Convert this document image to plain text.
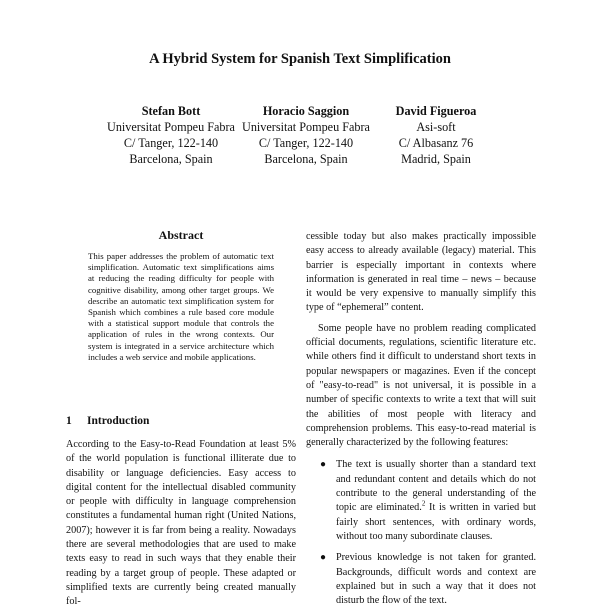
A Hybrid System for Spanish Text Simplification
Stefan Bott
Universitat Pompeu Fabra
C/ Tanger, 122-140
Barcelona, Spain
Horacio Saggion
Universitat Pompeu Fabra
C/ Tanger, 122-140
Barcelona, Spain
David Figueroa
Asi-soft
C/ Albasanz 76
Madrid, Spain
Abstract

This paper addresses the problem of automatic text simplification. Automatic text simplifications aims at reducing the reading difficulty for people with cognitive disability, among other target groups. We describe an automatic text simplification system for Spanish which combines a rule based core module with a statistical support module that controls the application of rules in the wrong contexts. Our system is integrated in a service architecture which includes a web service and mobile applications.

1 Introduction

According to the Easy-to-Read Foundation at least 5% of the world population is functional illiterate due to disability or language deficiencies. Easy access to digital content for the intellectual disabled community or people with difficulty in language comprehension constitutes a fundamental human right (United Nations, 2007); however it is far from being a reality. Nowadays there are several methodologies that are used to make texts easy to read in such ways that they enable their reading by a target group of people. These adapted or simplified texts are currently being created manually fol-

cessible today but also makes practically impossible easy access to already available (legacy) material. This barrier is especially important in contexts where information is generated in real time – news – because it would be very expensive to manually simplify this type of “ephemeral” content.

Some people have no problem reading complicated official documents, regulations, scientific literature etc. while others find it difficult to understand short texts in popular newspapers or magazines. Even if the concept of "easy-to-read" is not universal, it is possible in a number of specific contexts to write a text that will suit the abilities of most people with literacy and comprehension problems. This easy-to-read material is generally characterized by the following features:

● The text is usually shorter than a standard text and redundant content and details which do not contribute to the general understanding of the topic are eliminated.$^2$ It is written in varied but fairly short sentences, with ordinary words, without too many subordinate clauses.
● Previous knowledge is not taken for granted. Backgrounds, difficult words and context are explained but in such a way that it does not disturb the flow of the text.
